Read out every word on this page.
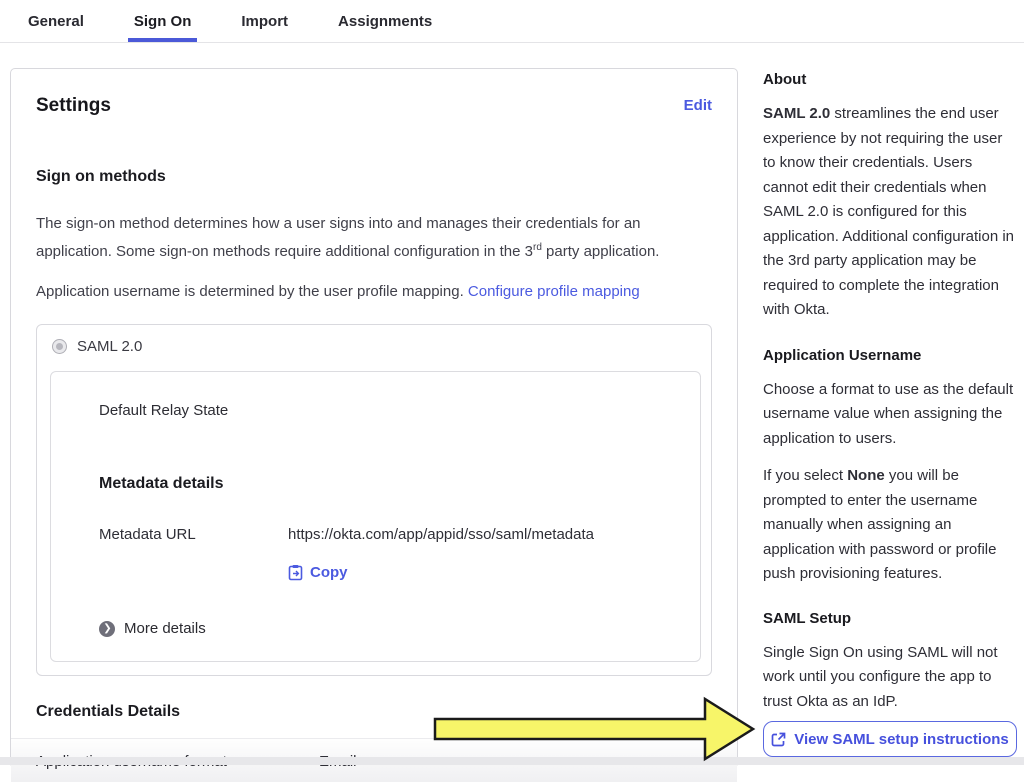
General	Sign On	Import	Assignments
Settings	Edit
Sign on methods

The sign-on method determines how a user signs into and manages their credentials for an application. Some sign-on methods require additional configuration in the 3rd party application.

Application username is determined by the user profile mapping. Configure profile mapping

SAML 2.0
Default Relay State
Metadata details
Metadata URL	https://okta.com/app/appid/sso/saml/metadata
Copy
❯ More details
Credentials Details
About

SAML 2.0 streamlines the end user experience by not requiring the user to know their credentials. Users cannot edit their credentials when SAML 2.0 is configured for this application. Additional configuration in the 3rd party application may be required to complete the integration with Okta.

Application Username

Choose a format to use as the default username value when assigning the application to users.

If you select None you will be prompted to enter the username manually when assigning an application with password or profile push provisioning features.

SAML Setup

Single Sign On using SAML will not work until you configure the app to trust Okta as an IdP.

View SAML setup instructions
